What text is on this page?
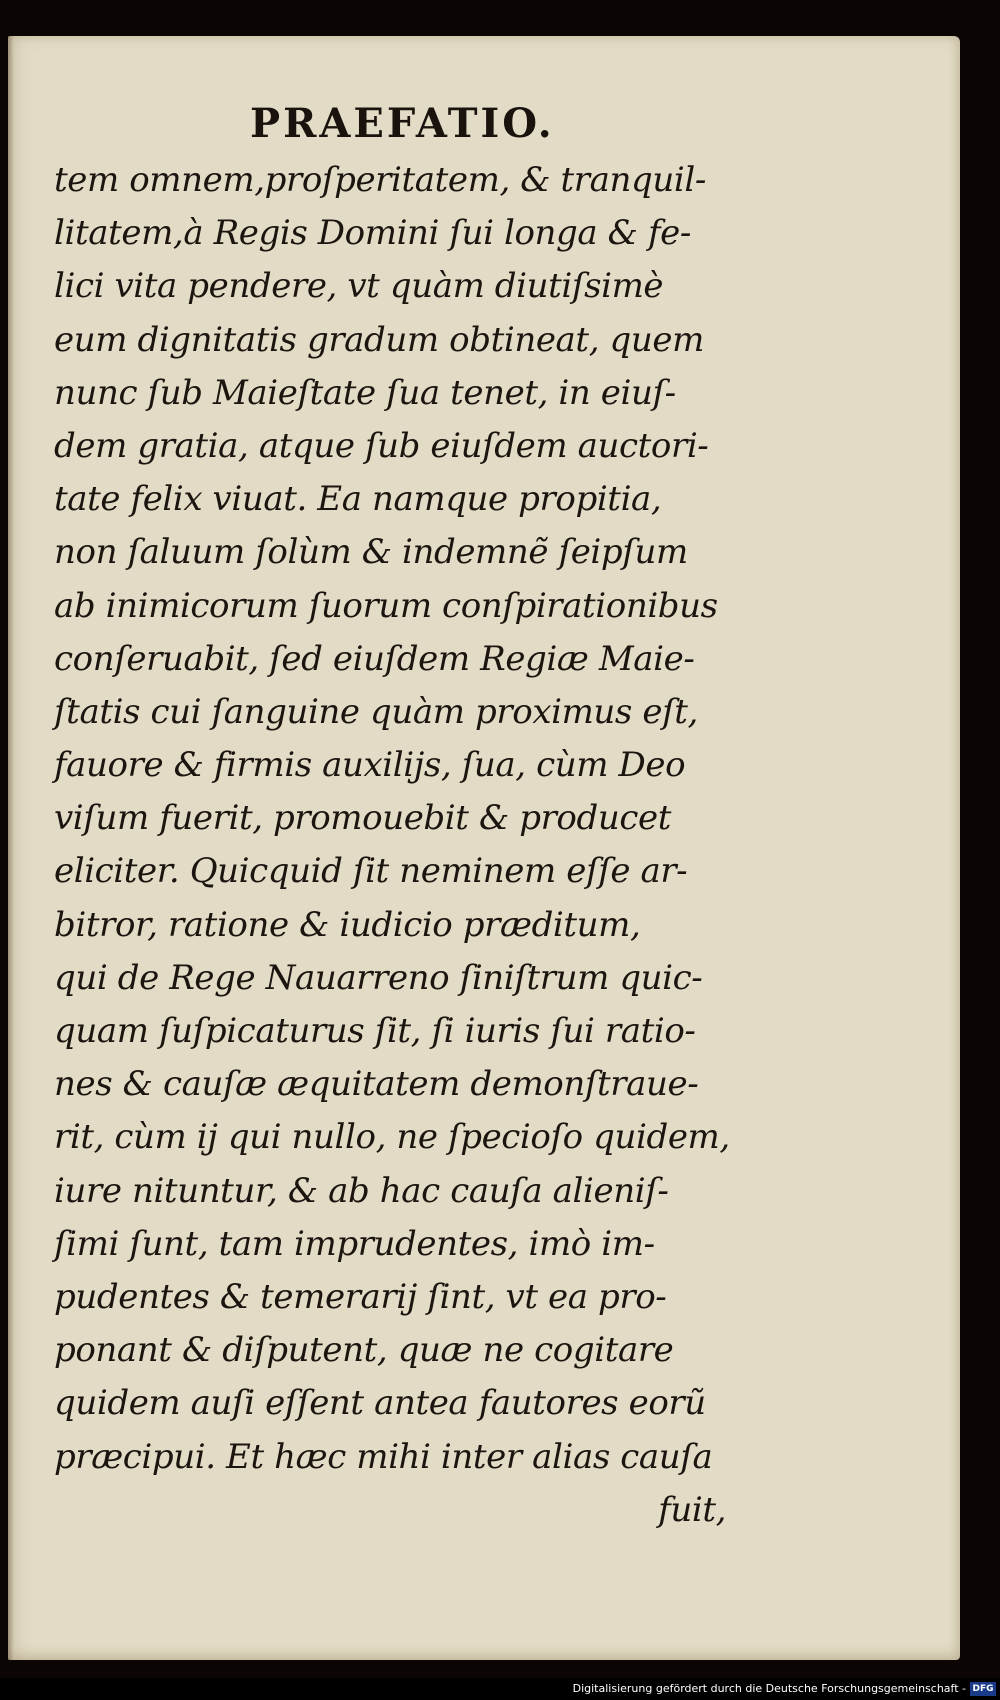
PRAEFATIO.
tem omnem,proſperitatem, & tranquil-
litatem,à Regis Domini ſui longa & fe-
lici vita pendere, vt quàm diutiſsimè
eum dignitatis gradum obtineat, quem
nunc ſub Maieſtate ſua tenet, in eiuſ-
dem gratia, atque ſub eiuſdem auctori-
tate felix viuat. Ea namque propitia,
non ſaluum ſolùm & indemnẽ ſeipſum
ab inimicorum ſuorum conſpirationibus
conſeruabit, ſed eiuſdem Regiæ Maie-
ſtatis cui ſanguine quàm proximus eſt,
fauore & firmis auxilijs, ſua, cùm Deo
viſum fuerit, promouebit & producet
eliciter. Quicquid ſit neminem eſſe ar-
bitror, ratione & iudicio præditum,
qui de Rege Nauarreno ſiniſtrum quic-
quam ſuſpicaturus ſit, ſi iuris ſui ratio-
nes & cauſæ æquitatem demonſtraue-
rit, cùm ij qui nullo, ne ſpecioſo quidem,
iure nituntur, & ab hac cauſa alieniſ-
ſimi ſunt, tam imprudentes, imò im-
pudentes & temerarij ſint, vt ea pro-
ponant & diſputent, quæ ne cogitare
quidem auſi eſſent antea fautores eorũ
præcipui. Et hæc mihi inter alias cauſa
fuit,
Digitalisierung gefördert durch die Deutsche Forschungsgemeinschaft - DFG
